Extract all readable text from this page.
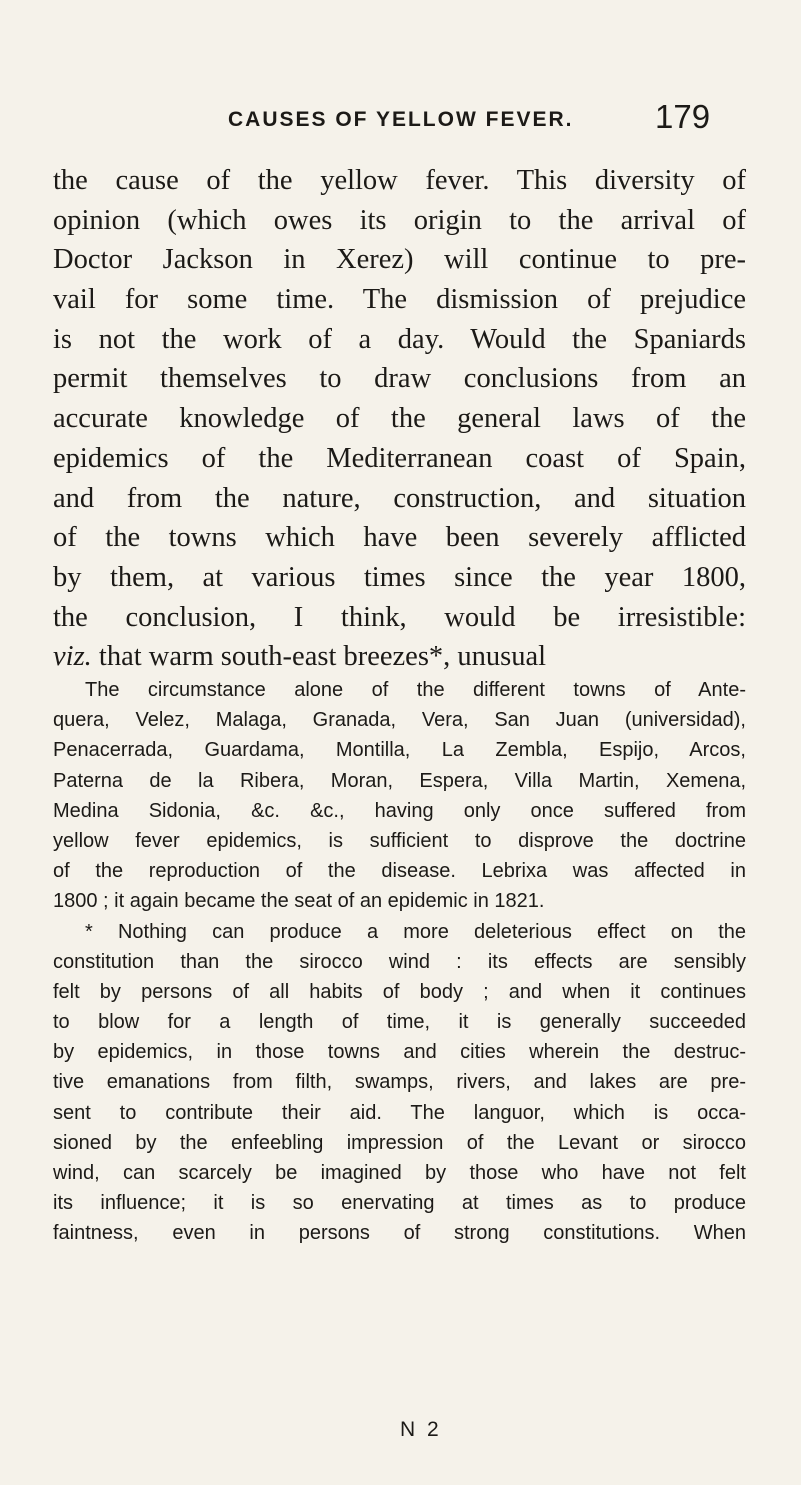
CAUSES OF YELLOW FEVER. 179
the cause of the yellow fever. This diversity of
opinion (which owes its origin to the arrival of
Doctor Jackson in Xerez) will continue to pre-
vail for some time. The dismission of prejudice
is not the work of a day. Would the Spaniards
permit themselves to draw conclusions from an
accurate knowledge of the general laws of the
epidemics of the Mediterranean coast of Spain,
and from the nature, construction, and situation
of the towns which have been severely afflicted
by them, at various times since the year 1800,
the conclusion, I think, would be irresistible:
viz. that warm south-east breezes*, unusual
The circumstance alone of the different towns of Ante-
quera, Velez, Malaga, Granada, Vera, San Juan (universidad),
Penacerrada, Guardama, Montilla, La Zembla, Espijo, Arcos,
Paterna de la Ribera, Moran, Espera, Villa Martin, Xemena,
Medina Sidonia, &c. &c., having only once suffered from
yellow fever epidemics, is sufficient to disprove the doctrine
of the reproduction of the disease. Lebrixa was affected in
1800 ; it again became the seat of an epidemic in 1821.
* Nothing can produce a more deleterious effect on the
constitution than the sirocco wind : its effects are sensibly
felt by persons of all habits of body ; and when it continues
to blow for a length of time, it is generally succeeded
by epidemics, in those towns and cities wherein the destruc-
tive emanations from filth, swamps, rivers, and lakes are pre-
sent to contribute their aid. The languor, which is occa-
sioned by the enfeebling impression of the Levant or sirocco
wind, can scarcely be imagined by those who have not felt
its influence; it is so enervating at times as to produce
faintness, even in persons of strong constitutions. When
N 2
